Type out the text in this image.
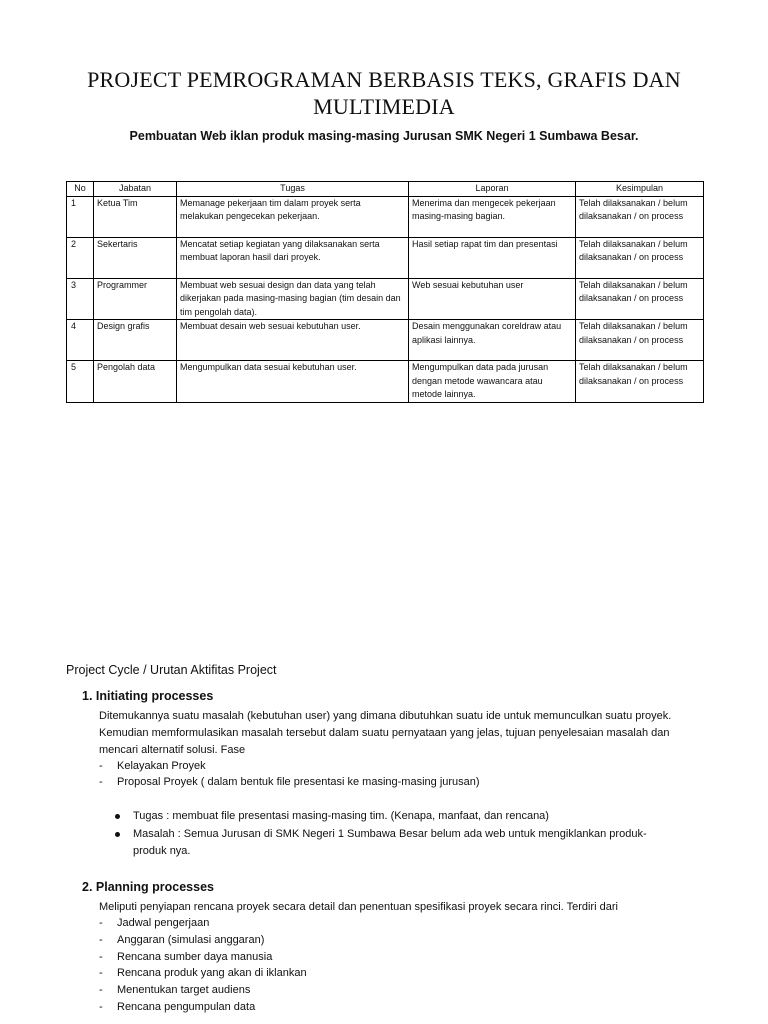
PROJECT PEMROGRAMAN BERBASIS TEKS, GRAFIS DAN MULTIMEDIA

Pembuatan Web iklan produk masing-masing Jurusan SMK Negeri 1 Sumbawa Besar.

No	Jabatan	Tugas	Laporan	Kesimpulan
1	Ketua Tim	Memanage pekerjaan tim dalam proyek serta melakukan pengecekan pekerjaan.	Menerima dan mengecek pekerjaan masing-masing bagian.	Telah dilaksanakan / belum dilaksanakan / on process
2	Sekertaris	Mencatat setiap kegiatan yang dilaksanakan serta membuat laporan hasil dari proyek.	Hasil setiap rapat tim dan presentasi	Telah dilaksanakan / belum dilaksanakan / on process
3	Programmer	Membuat web sesuai design dan data yang telah dikerjakan pada masing-masing bagian (tim desain dan tim pengolah data).	Web sesuai kebutuhan user	Telah dilaksanakan / belum dilaksanakan / on process
4	Design grafis	Membuat desain web sesuai kebutuhan user.	Desain menggunakan coreldraw atau aplikasi lainnya.	Telah dilaksanakan / belum dilaksanakan / on process
5	Pengolah data	Mengumpulkan data sesuai kebutuhan user.	Mengumpulkan data pada jurusan dengan metode wawancara atau metode lainnya.	Telah dilaksanakan / belum dilaksanakan / on process

Project Cycle / Urutan Aktifitas Project

1. Initiating processes

Ditemukannya suatu masalah (kebutuhan user) yang dimana dibutuhkan suatu ide untuk memunculkan suatu proyek. Kemudian memformulasikan masalah tersebut dalam suatu pernyataan yang jelas, tujuan penyelesaian masalah dan mencari alternatif solusi. Fase

- Kelayakan Proyek
- Proposal Proyek ( dalam bentuk file presentasi ke masing-masing jurusan)
Tugas : membuat file presentasi masing-masing tim. (Kenapa, manfaat, dan rencana)
Masalah : Semua Jurusan di SMK Negeri 1 Sumbawa Besar belum ada web untuk mengiklankan produk-produk nya.
2. Planning processes

Meliputi penyiapan rencana proyek secara detail dan penentuan spesifikasi proyek secara rinci. Terdiri dari

- Jadwal pengerjaan
- Anggaran (simulasi anggaran)
- Rencana sumber daya manusia
- Rencana produk yang akan di iklankan
- Menentukan target audiens
- Rencana pengumpulan data
